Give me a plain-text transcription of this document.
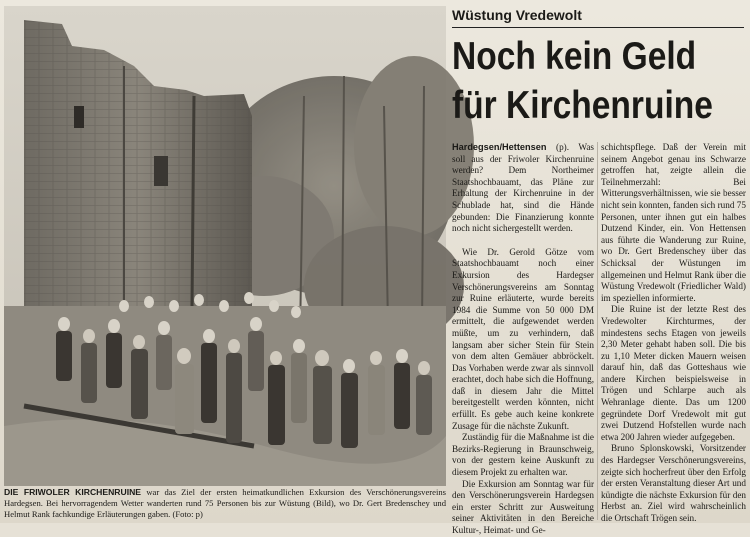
DIE FRIWOLER KIRCHENRUINE war das Ziel der ersten heimatkundlichen Exkursion des Verschönerungsvereins Hardegsen. Bei hervorragendem Wetter wanderten rund 75 Personen bis zur Wüstung (Bild), wo Dr. Gert Bredenschey und Helmut Rank fachkundige Erläuterungen gaben. (Foto: p)
Wüstung Vredewolt
Noch kein Geld
für Kirchenruine

Hardegsen/Hettensen (p). Was soll aus der Friwoler Kirchenruine werden? Dem Northeimer Staatshochbauamt, das Pläne zur Erhaltung der Kirchenruine in der Schublade hat, sind die Hände gebunden: Die Finanzierung konnte noch nicht sichergestellt werden.

Wie Dr. Gerold Götze vom Staatshochbauamt noch einer Exkursion des Hardegser Verschönerungsvereins am Sonntag zur Ruine erläuterte, wurde bereits 1984 die Summe von 50 000 DM ermittelt, die aufgewendet werden müßte, um zu verhindern, daß langsam aber sicher Stein für Stein von dem alten Gemäuer abbröckelt. Das Vorhaben werde zwar als sinnvoll erachtet, doch habe sich die Hoffnung, daß in diesem Jahr die Mittel bereitgestellt werden könnten, nicht erfüllt. Es gebe auch keine konkrete Zusage für die nächste Zukunft.

Zuständig für die Maßnahme ist die Bezirks-Regierung in Braunschweig, von der gestern keine Auskunft zu diesem Projekt zu erhalten war.

Die Exkursion am Sonntag war für den Verschönerungsverein Hardegsen ein erster Schritt zur Ausweitung seiner Aktivitäten in den Bereiche Kultur-, Heimat- und Ge-

schichtspflege. Daß der Verein mit seinem Angebot genau ins Schwarze getroffen hat, zeigte allein die Teilnehmerzahl: Bei Witterungsverhältnissen, wie sie besser nicht sein konnten, fanden sich rund 75 Personen, unter ihnen gut ein halbes Dutzend Kinder, ein. Von Hettensen aus führte die Wanderung zur Ruine, wo Dr. Gert Bredenschey über das Schicksal der Wüstungen im allgemeinen und Helmut Rank über die Wüstung Vredewolt (Friedlicher Wald) im speziellen informierte.

Die Ruine ist der letzte Rest des Vredewolter Kirchturmes, der mindestens sechs Etagen von jeweils 2,30 Meter gehabt haben soll. Die bis zu 1,10 Meter dicken Mauern weisen darauf hin, daß das Gotteshaus wie andere Kirchen beispielsweise in Trögen und Schlarpe auch als Wehranlage diente. Das um 1200 gegründete Dorf Vredewolt mit gut zwei Dutzend Hofstellen wurde nach etwa 200 Jahren wieder aufgegeben.

Bruno Splonskowski, Vorsitzender des Hardegser Verschönerungsvereins, zeigte sich hocherfreut über den Erfolg der ersten Veranstaltung dieser Art und kündigte die nächste Exkursion für den Herbst an. Ziel wird wahrscheinlich die Ortschaft Trögen sein.
